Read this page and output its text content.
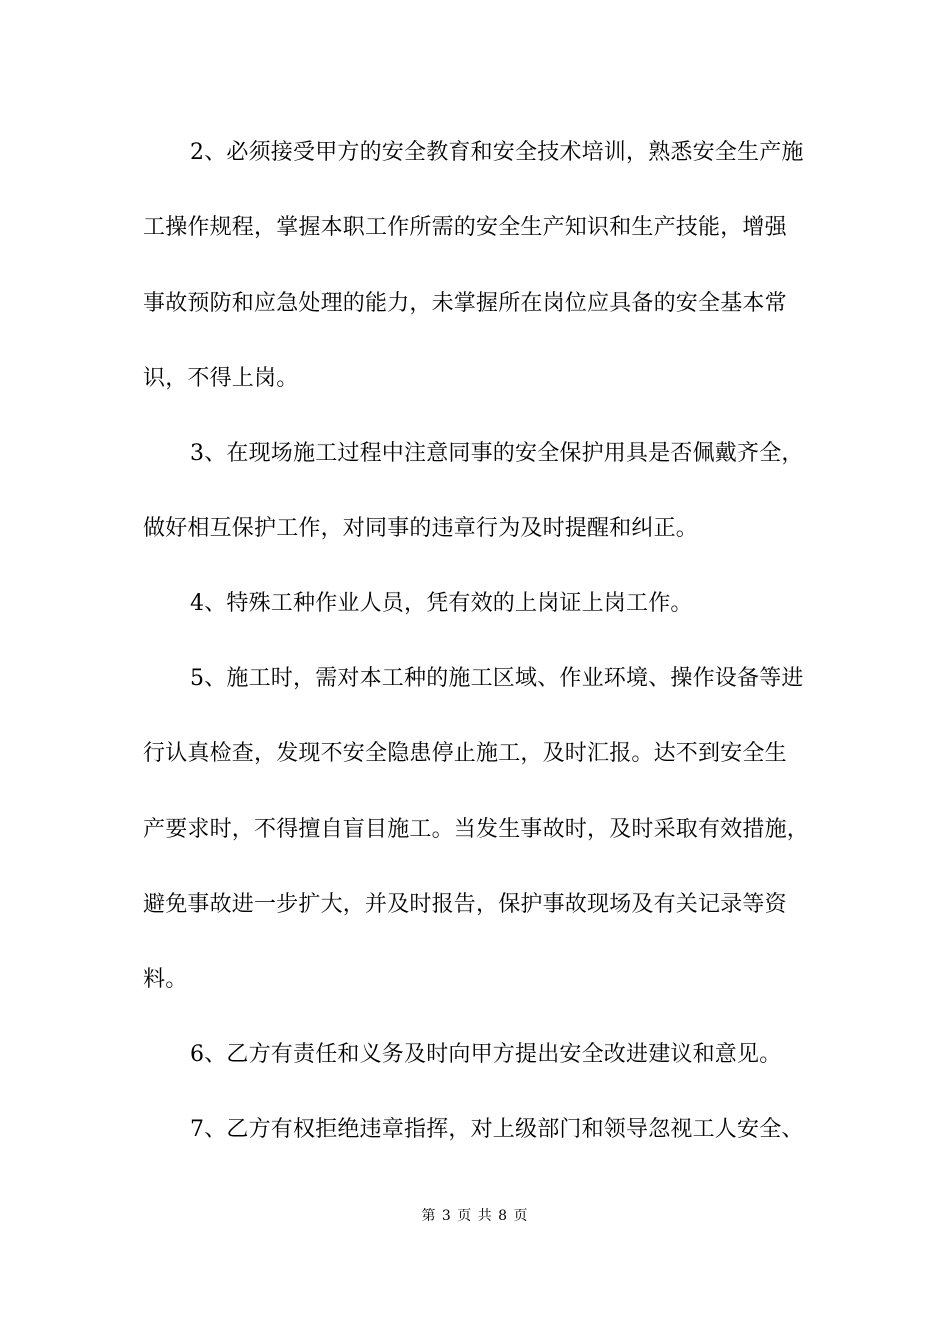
2、必须接受甲方的安全教育和安全技术培训，熟悉安全生产施
工操作规程，掌握本职工作所需的安全生产知识和生产技能，增强
事故预防和应急处理的能力，未掌握所在岗位应具备的安全基本常
识，不得上岗。
3、在现场施工过程中注意同事的安全保护用具是否佩戴齐全，
做好相互保护工作，对同事的违章行为及时提醒和纠正。
4、特殊工种作业人员，凭有效的上岗证上岗工作。
5、施工时，需对本工种的施工区域、作业环境、操作设备等进
行认真检查，发现不安全隐患停止施工，及时汇报。达不到安全生
产要求时，不得擅自盲目施工。当发生事故时，及时采取有效措施，
避免事故进一步扩大，并及时报告，保护事故现场及有关记录等资
料。
6、乙方有责任和义务及时向甲方提出安全改进建议和意见。
7、乙方有权拒绝违章指挥，对上级部门和领导忽视工人安全、
第 3 页 共 8 页
